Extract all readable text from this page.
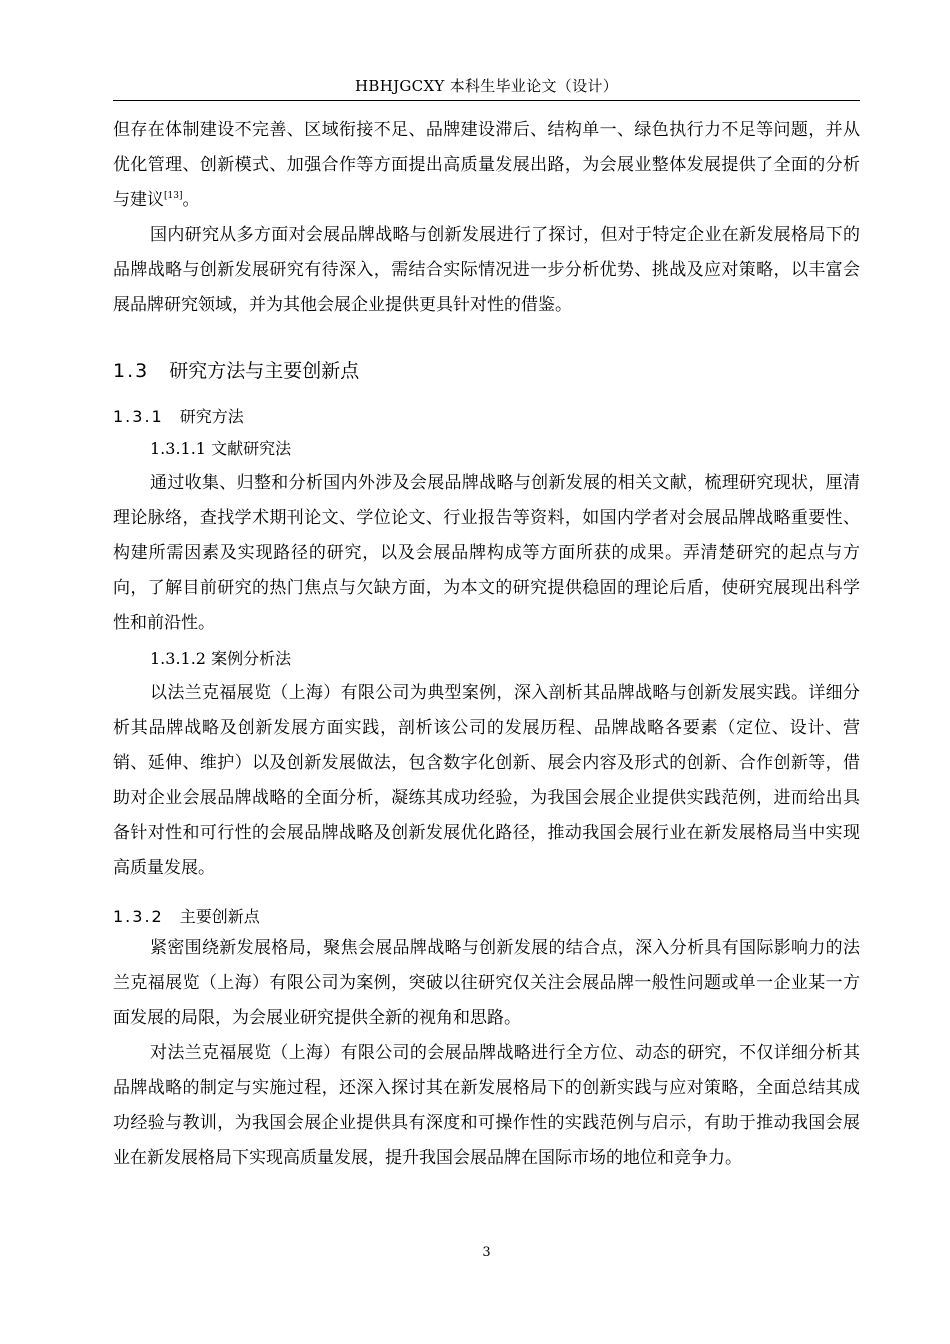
HBHJGCXY 本科生毕业论文（设计）

但存在体制建设不完善、区域衔接不足、品牌建设滞后、结构单一、绿色执行力不足等问题，并从优化管理、创新模式、加强合作等方面提出高质量发展出路，为会展业整体发展提供了全面的分析与建议[13]。

国内研究从多方面对会展品牌战略与创新发展进行了探讨，但对于特定企业在新发展格局下的品牌战略与创新发展研究有待深入，需结合实际情况进一步分析优势、挑战及应对策略，以丰富会展品牌研究领域，并为其他会展企业提供更具针对性的借鉴。

1.3 研究方法与主要创新点
1.3.1 研究方法
1.3.1.1 文献研究法

通过收集、归整和分析国内外涉及会展品牌战略与创新发展的相关文献，梳理研究现状，厘清理论脉络，查找学术期刊论文、学位论文、行业报告等资料，如国内学者对会展品牌战略重要性、构建所需因素及实现路径的研究，以及会展品牌构成等方面所获的成果。弄清楚研究的起点与方向，了解目前研究的热门焦点与欠缺方面，为本文的研究提供稳固的理论后盾，使研究展现出科学性和前沿性。

1.3.1.2 案例分析法

以法兰克福展览（上海）有限公司为典型案例，深入剖析其品牌战略与创新发展实践。详细分析其品牌战略及创新发展方面实践，剖析该公司的发展历程、品牌战略各要素（定位、设计、营销、延伸、维护）以及创新发展做法，包含数字化创新、展会内容及形式的创新、合作创新等，借助对企业会展品牌战略的全面分析，凝练其成功经验，为我国会展企业提供实践范例，进而给出具备针对性和可行性的会展品牌战略及创新发展优化路径，推动我国会展行业在新发展格局当中实现高质量发展。

1.3.2 主要创新点

紧密围绕新发展格局，聚焦会展品牌战略与创新发展的结合点，深入分析具有国际影响力的法兰克福展览（上海）有限公司为案例，突破以往研究仅关注会展品牌一般性问题或单一企业某一方面发展的局限，为会展业研究提供全新的视角和思路。

对法兰克福展览（上海）有限公司的会展品牌战略进行全方位、动态的研究，不仅详细分析其品牌战略的制定与实施过程，还深入探讨其在新发展格局下的创新实践与应对策略，全面总结其成功经验与教训，为我国会展企业提供具有深度和可操作性的实践范例与启示，有助于推动我国会展业在新发展格局下实现高质量发展，提升我国会展品牌在国际市场的地位和竞争力。

3
